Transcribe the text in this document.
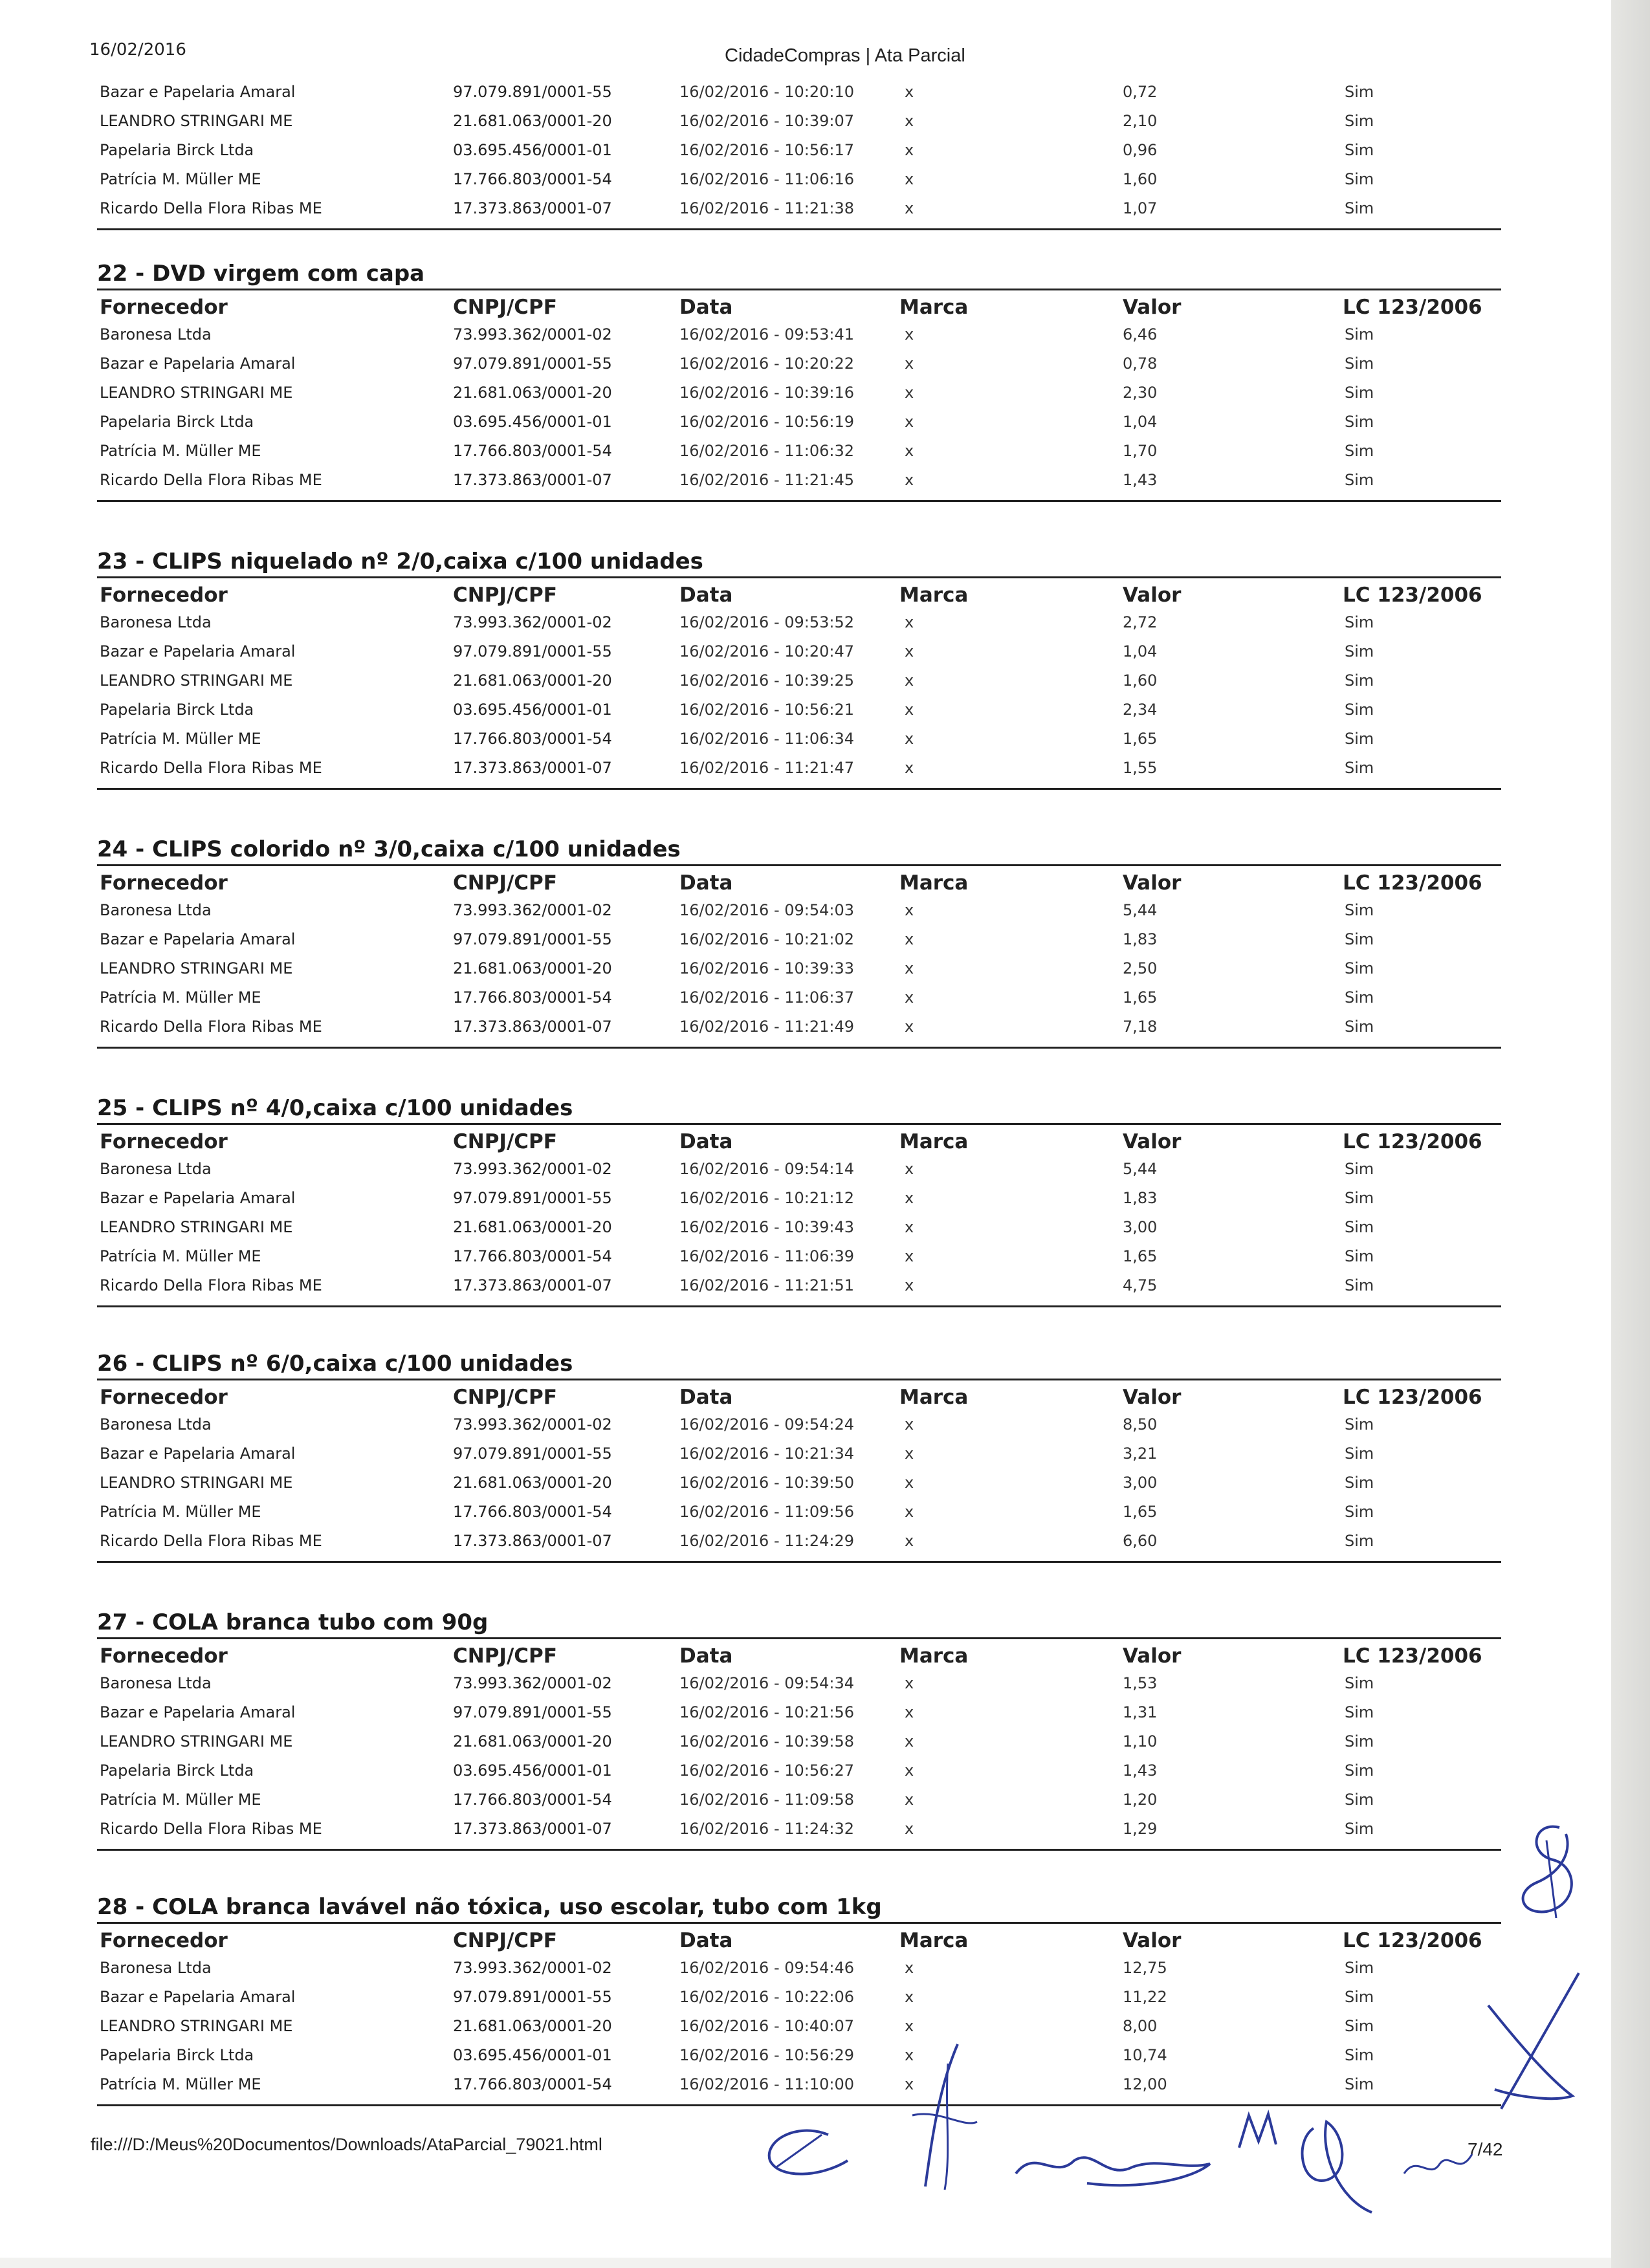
16/02/2016	CidadeCompras | Ata Parcial
Bazar e Papelaria Amaral	97.079.891/0001-55	16/02/2016 - 10:20:10	x	0,72	Sim
LEANDRO STRINGARI ME	21.681.063/0001-20	16/02/2016 - 10:39:07	x	2,10	Sim
Papelaria Birck Ltda	03.695.456/0001-01	16/02/2016 - 10:56:17	x	0,96	Sim
Patrícia M. Müller ME	17.766.803/0001-54	16/02/2016 - 11:06:16	x	1,60	Sim
Ricardo Della Flora Ribas ME	17.373.863/0001-07	16/02/2016 - 11:21:38	x	1,07	Sim
22 - DVD virgem com capa
Fornecedor	CNPJ/CPF	Data	Marca	Valor	LC 123/2006
Baronesa Ltda	73.993.362/0001-02	16/02/2016 - 09:53:41	x	6,46	Sim
Bazar e Papelaria Amaral	97.079.891/0001-55	16/02/2016 - 10:20:22	x	0,78	Sim
LEANDRO STRINGARI ME	21.681.063/0001-20	16/02/2016 - 10:39:16	x	2,30	Sim
Papelaria Birck Ltda	03.695.456/0001-01	16/02/2016 - 10:56:19	x	1,04	Sim
Patrícia M. Müller ME	17.766.803/0001-54	16/02/2016 - 11:06:32	x	1,70	Sim
Ricardo Della Flora Ribas ME	17.373.863/0001-07	16/02/2016 - 11:21:45	x	1,43	Sim
23 - CLIPS niquelado nº 2/0,caixa c/100 unidades
Fornecedor	CNPJ/CPF	Data	Marca	Valor	LC 123/2006
Baronesa Ltda	73.993.362/0001-02	16/02/2016 - 09:53:52	x	2,72	Sim
Bazar e Papelaria Amaral	97.079.891/0001-55	16/02/2016 - 10:20:47	x	1,04	Sim
LEANDRO STRINGARI ME	21.681.063/0001-20	16/02/2016 - 10:39:25	x	1,60	Sim
Papelaria Birck Ltda	03.695.456/0001-01	16/02/2016 - 10:56:21	x	2,34	Sim
Patrícia M. Müller ME	17.766.803/0001-54	16/02/2016 - 11:06:34	x	1,65	Sim
Ricardo Della Flora Ribas ME	17.373.863/0001-07	16/02/2016 - 11:21:47	x	1,55	Sim
24 - CLIPS colorido nº 3/0,caixa c/100 unidades
Fornecedor	CNPJ/CPF	Data	Marca	Valor	LC 123/2006
Baronesa Ltda	73.993.362/0001-02	16/02/2016 - 09:54:03	x	5,44	Sim
Bazar e Papelaria Amaral	97.079.891/0001-55	16/02/2016 - 10:21:02	x	1,83	Sim
LEANDRO STRINGARI ME	21.681.063/0001-20	16/02/2016 - 10:39:33	x	2,50	Sim
Patrícia M. Müller ME	17.766.803/0001-54	16/02/2016 - 11:06:37	x	1,65	Sim
Ricardo Della Flora Ribas ME	17.373.863/0001-07	16/02/2016 - 11:21:49	x	7,18	Sim
25 - CLIPS nº 4/0,caixa c/100 unidades
Fornecedor	CNPJ/CPF	Data	Marca	Valor	LC 123/2006
Baronesa Ltda	73.993.362/0001-02	16/02/2016 - 09:54:14	x	5,44	Sim
Bazar e Papelaria Amaral	97.079.891/0001-55	16/02/2016 - 10:21:12	x	1,83	Sim
LEANDRO STRINGARI ME	21.681.063/0001-20	16/02/2016 - 10:39:43	x	3,00	Sim
Patrícia M. Müller ME	17.766.803/0001-54	16/02/2016 - 11:06:39	x	1,65	Sim
Ricardo Della Flora Ribas ME	17.373.863/0001-07	16/02/2016 - 11:21:51	x	4,75	Sim
26 - CLIPS nº 6/0,caixa c/100 unidades
Fornecedor	CNPJ/CPF	Data	Marca	Valor	LC 123/2006
Baronesa Ltda	73.993.362/0001-02	16/02/2016 - 09:54:24	x	8,50	Sim
Bazar e Papelaria Amaral	97.079.891/0001-55	16/02/2016 - 10:21:34	x	3,21	Sim
LEANDRO STRINGARI ME	21.681.063/0001-20	16/02/2016 - 10:39:50	x	3,00	Sim
Patrícia M. Müller ME	17.766.803/0001-54	16/02/2016 - 11:09:56	x	1,65	Sim
Ricardo Della Flora Ribas ME	17.373.863/0001-07	16/02/2016 - 11:24:29	x	6,60	Sim
27 - COLA branca tubo com 90g
Fornecedor	CNPJ/CPF	Data	Marca	Valor	LC 123/2006
Baronesa Ltda	73.993.362/0001-02	16/02/2016 - 09:54:34	x	1,53	Sim
Bazar e Papelaria Amaral	97.079.891/0001-55	16/02/2016 - 10:21:56	x	1,31	Sim
LEANDRO STRINGARI ME	21.681.063/0001-20	16/02/2016 - 10:39:58	x	1,10	Sim
Papelaria Birck Ltda	03.695.456/0001-01	16/02/2016 - 10:56:27	x	1,43	Sim
Patrícia M. Müller ME	17.766.803/0001-54	16/02/2016 - 11:09:58	x	1,20	Sim
Ricardo Della Flora Ribas ME	17.373.863/0001-07	16/02/2016 - 11:24:32	x	1,29	Sim
28 - COLA branca lavável não tóxica, uso escolar, tubo com 1kg
Fornecedor	CNPJ/CPF	Data	Marca	Valor	LC 123/2006
Baronesa Ltda	73.993.362/0001-02	16/02/2016 - 09:54:46	x	12,75	Sim
Bazar e Papelaria Amaral	97.079.891/0001-55	16/02/2016 - 10:22:06	x	11,22	Sim
LEANDRO STRINGARI ME	21.681.063/0001-20	16/02/2016 - 10:40:07	x	8,00	Sim
Papelaria Birck Ltda	03.695.456/0001-01	16/02/2016 - 10:56:29	x	10,74	Sim
Patrícia M. Müller ME	17.766.803/0001-54	16/02/2016 - 11:10:00	x	12,00	Sim
file:///D:/Meus%20Documentos/Downloads/AtaParcial_79021.html	7/42
